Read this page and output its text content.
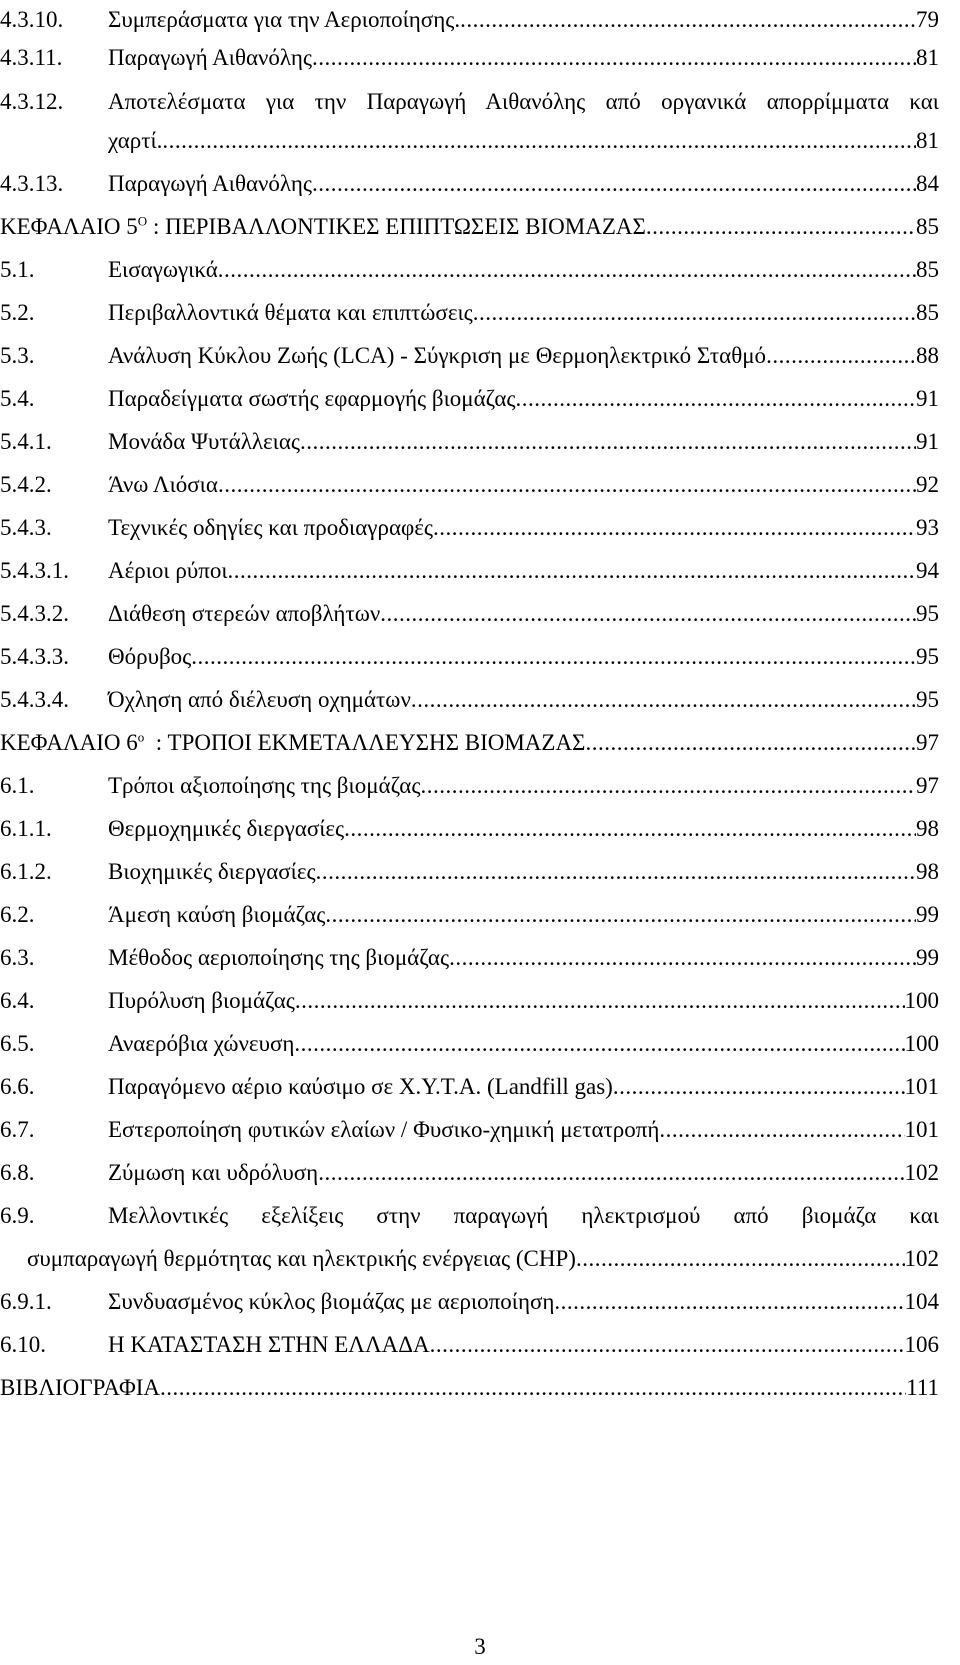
4.3.10. Συμπεράσματα για την Αεριοποίησης. .....	79
4.3.11. Παραγωγή Αιθανόλης .....	81
4.3.12. Αποτελέσματα για την Παραγωγή Αιθανόλης από οργανικά απορρίμματα και
χαρτί. .....	81
4.3.13. Παραγωγή Αιθανόλης .....	84
ΚΕΦΑΛΑΙΟ $5^O$ : ΠΕΡΙΒΑΛΛΟΝΤΙΚΕΣ ΕΠΙΠΤΩΣΕΙΣ ΒΙΟΜΑΖΑΣ .....	85
5.1.	Εισαγωγικά .....	85
5.2.	Περιβαλλοντικά θέματα και επιπτώσεις .....	85
5.3.	Ανάλυση Κύκλου Ζωής (LCA) - Σύγκριση με Θερμοηλεκτρικό Σταθμό .....	88
5.4.	Παραδείγματα σωστής εφαρμογής βιομάζας .....	91
5.4.1. Μονάδα Ψυτάλλειας .....	91
5.4.2. Άνω Λιόσια .....	92
5.4.3. Τεχνικές οδηγίες και προδιαγραφές .....	93
5.4.3.1. Αέριοι ρύποι .....	94
5.4.3.2. Διάθεση στερεών αποβλήτων .....	95
5.4.3.3. Θόρυβος .....	95
5.4.3.4. Όχληση από διέλευση οχημάτων .....	95
ΚΕΦΑΛΑΙΟ $6^o$  : ΤΡΟΠΟΙ ΕΚΜΕΤΑΛΛΕΥΣΗΣ ΒΙΟΜΑΖΑΣ .....	97
6.1.	Τρόποι αξιοποίησης της βιομάζας .....	97
6.1.1. Θερμοχημικές διεργασίες .....	98
6.1.2. Βιοχημικές διεργασίες .....	98
6.2.	Άμεση καύση βιομάζας .....	99
6.3.	Μέθοδος αεριοποίησης της βιομάζας .....	99
6.4.	Πυρόλυση βιομάζας .....	100
6.5.	Αναερόβια χώνευση .....	100
6.6.	Παραγόμενο αέριο καύσιμο σε Χ.Υ.Τ.Α. (Landfill gas) .....	101
6.7.	Εστεροποίηση φυτικών ελαίων / Φυσικο-χημική μετατροπή .....	101
6.8.	Ζύμωση και υδρόλυση .....	102
6.9.	Μελλοντικές εξελίξεις στην παραγωγή ηλεκτρισμού από βιομάζα και
συμπαραγωγή θερμότητας και ηλεκτρικής ενέργειας (CHP) .....	102
6.9.1. Συνδυασμένος κύκλος βιομάζας με αεριοποίηση .....	104
6.10.	Η ΚΑΤΑΣΤΑΣΗ ΣΤΗΝ ΕΛΛΑΔΑ .....	106
ΒΙΒΛΙΟΓΡΑΦΙΑ .....	111
3
